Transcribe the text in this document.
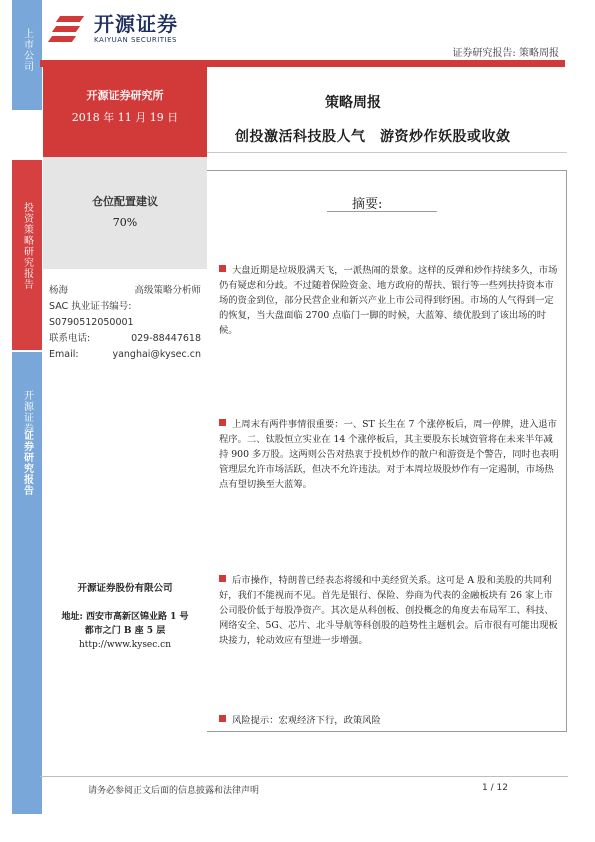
上市公司
投资策略研究报告
开源证券
证券研究报告
开源证券
KAIYUAN SECURITIES
证券研究报告: 策略周报
开源证券研究所
2018 年 11 月 19 日
策略周报
创投激活科技股人气　游资炒作妖股或收敛
仓位配置建议
70%
杨海	高级策略分析师
SAC 执业证书编号:
S0790512050001
联系电话:	029-88447618
Email:	yanghai@kysec.cn
开源证券股份有限公司
地址: 西安市高新区锦业路 1 号
都市之门 B 座 5 层
http://www.kysec.cn
摘要:
大盘近期是垃圾股满天飞，一派热闹的景象。这样的反弹和炒作持续多久，市场仍有疑虑和分歧。不过随着保险资金、地方政府的帮扶、银行等一些列扶持资本市场的资金到位，部分民营企业和新兴产业上市公司得到纾困。市场的人气得到一定的恢复，当大盘面临 2700 点临门一脚的时候，大蓝筹、绩优股到了该出场的时候。
上周末有两件事情很重要：一、ST 长生在 7 个涨停板后，周一停牌，进入退市程序。二、钛股恒立实业在 14 个涨停板后，其主要股东长城资管将在未来半年减持 900 多万股。这两则公告对热衷于投机炒作的散户和游资是个警告，同时也表明管理层允许市场活跃，但决不允许违法。对于本周垃圾股炒作有一定遏制，市场热点有望切换至大蓝筹。
后市操作，特朗普已经表态将缓和中美经贸关系。这可是 A 股和美股的共同利好，我们不能视而不见。首先是银行、保险、券商为代表的金融板块有 26 家上市公司股价低于每股净资产。其次是从科创板、创投概念的角度去布局军工、科技、网络安全、5G、芯片、北斗导航等科创股的趋势性主题机会。后市很有可能出现板块接力，轮动效应有望进一步增强。
风险提示：宏观经济下行，政策风险
请务必参阅正文后面的信息披露和法律声明	1 / 12
